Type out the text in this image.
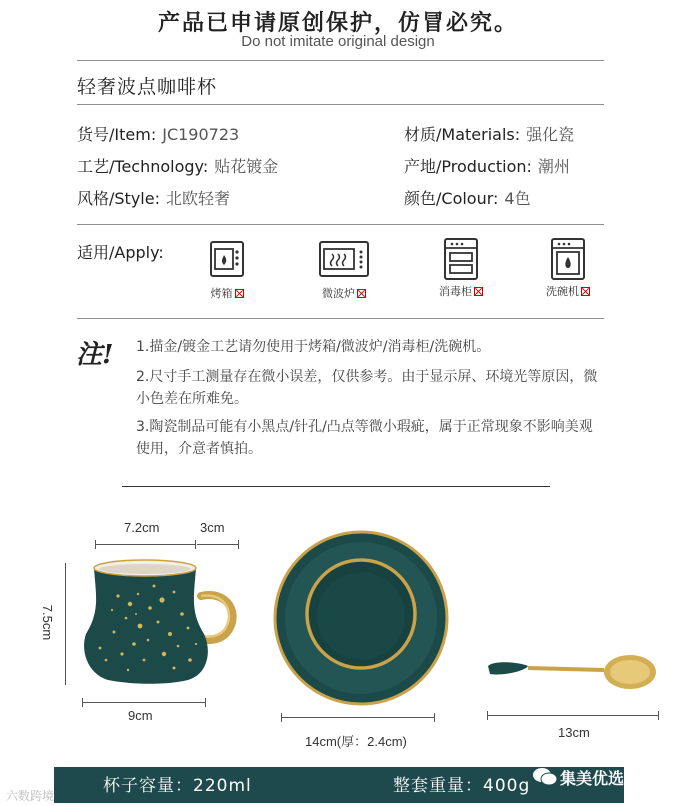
产品已申请原创保护，仿冒必究。
Do not imitate original design
轻奢波点咖啡杯
货号/Item: JC190723	材质/Materials: 强化瓷
工艺/Technology: 贴花镀金	产地/Production: 潮州
风格/Style: 北欧轻奢	颜色/Colour: 4色
适用/Apply:
烤箱	微波炉	消毒柜	洗碗机
注! 1.描金/镀金工艺请勿使用于烤箱/微波炉/消毒柜/洗碗机。
2.尺寸手工测量存在微小误差，仅供参考。由于显示屏、环境光等原因，微小色差在所难免。
3.陶瓷制品可能有小黑点/针孔/凸点等微小瑕疵，属于正常现象不影响美观使用，介意者慎拍。
7.2cm	3cm
7.5cm
9cm
14cm(厚：2.4cm)
13cm
杯子容量：220ml	整套重量：400g 集美优选
六数跨境
